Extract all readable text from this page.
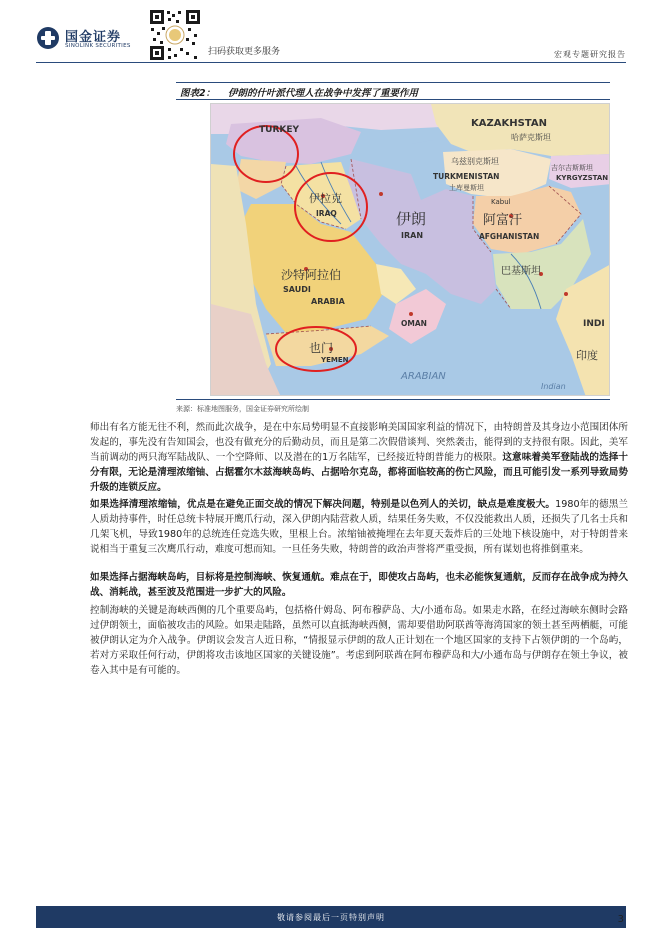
国金证券
SINOLINK SECURITIES
扫码获取更多服务	宏观专题研究报告
图表2： 伊朗的什叶派代理人在战争中发挥了重要作用
TURKEY
KAZAKHSTAN
哈萨克斯坦
乌兹别克斯坦
TURKMENISTAN
土库曼斯坦
吉尔吉斯斯坦
KYRGYZSTAN
Kabul
阿富汗
AFGHANISTAN
伊朗
IRAN
伊拉克
IRAQ
沙特阿拉伯
SAUDI
ARABIA
OMAN
也门
YEMEN
巴基斯坦
INDI
印度
ARABIAN
Indian
来源：标准地图服务，国金证券研究所绘制
师出有名方能无往不利，然而此次战争，是在中东局势明显不直接影响美国国家利益的情况下，由特朗普及其身边小范围团体所发起的，事先没有告知国会，也没有做充分的后勤动员，而且是第二次假借谈判、突然袭击，能得到的支持很有限。因此，美军当前调动的两只海军陆战队、一个空降师、以及潜在的1万名陆军，已经接近特朗普能力的极限。这意味着美军登陆战的选择十分有限，无论是清理浓缩铀、占据霍尔木兹海峡岛屿、占据哈尔克岛，都将面临较高的伤亡风险，而且可能引发一系列导致局势升级的连锁反应。
如果选择清理浓缩铀，优点是在避免正面交战的情况下解决问题，特别是以色列人的关切，缺点是难度极大。1980年的德黑兰人质劫持事件，时任总统卡特展开鹰爪行动，深入伊朗内陆营救人质，结果任务失败，不仅没能救出人质，还损失了几名士兵和几架飞机，导致1980年的总统连任竞选失败，里根上台。浓缩铀被掩埋在去年夏天轰炸后的三处地下核设施中，对于特朗普来说相当于重复三次鹰爪行动，难度可想而知。一旦任务失败，特朗普的政治声誉将严重受损，所有谋划也将推倒重来。
如果选择占据海峡岛屿，目标将是控制海峡、恢复通航。难点在于，即使攻占岛屿，也未必能恢复通航，反而存在战争成为持久战、消耗战，甚至波及范围进一步扩大的风险。
控制海峡的关键是海峡西侧的几个重要岛屿，包括格什姆岛、阿布穆萨岛、大/小通布岛。如果走水路，在经过海峡东侧时会路过伊朗领土，面临被攻击的风险。如果走陆路，虽然可以直抵海峡西侧，需却要借助阿联酋等海湾国家的领土甚至两栖艇，可能被伊朗认定为介入战争。伊朗议会发言人近日称，“情报显示伊朗的敌人正计划在一个地区国家的支持下占领伊朗的一个岛屿，若对方采取任何行动，伊朗将攻击该地区国家的关键设施”。考虑到阿联酋在阿布穆萨岛和大/小通布岛与伊朗存在领土争议，被卷入其中是有可能的。
敬请参阅最后一页特别声明	3
